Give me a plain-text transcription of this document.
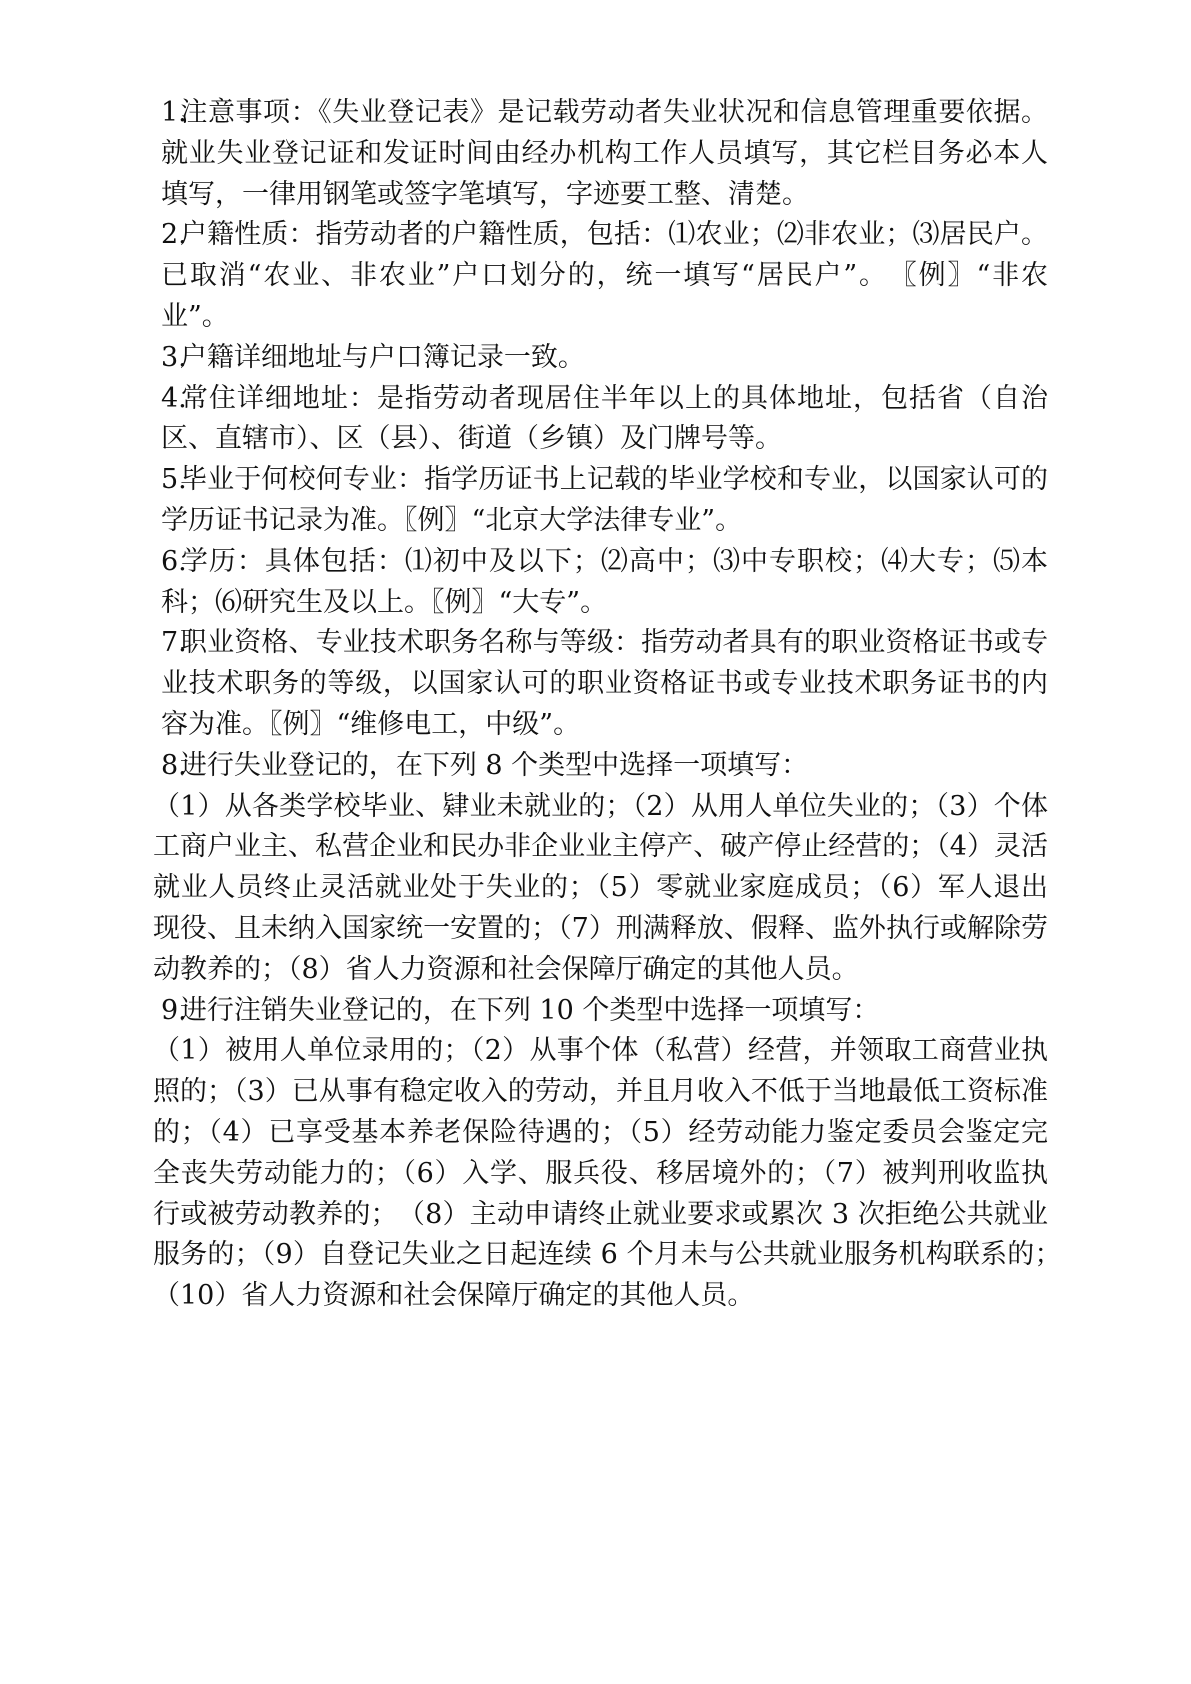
1.注意事项：《失业登记表》是记载劳动者失业状况和信息管理重要依据。就业失业登记证和发证时间由经办机构工作人员填写，其它栏目务必本人填写，一律用钢笔或签字笔填写，字迹要工整、清楚。

2.户籍性质：指劳动者的户籍性质，包括：⑴农业；⑵非农业；⑶居民户。已取消“农业、非农业”户口划分的，统一填写“居民户”。　〖例〗“非农业”。

3.户籍详细地址与户口簿记录一致。

4.常住详细地址：是指劳动者现居住半年以上的具体地址，包括省（自治区、直辖市）、区（县）、街道（乡镇）及门牌号等。

5.毕业于何校何专业：指学历证书上记载的毕业学校和专业，以国家认可的学历证书记录为准。〖例〗“北京大学法律专业”。

6.学历：具体包括：⑴初中及以下；⑵高中；⑶中专职校；⑷大专；⑸本科；⑹研究生及以上。〖例〗“大专”。

7.职业资格、专业技术职务名称与等级：指劳动者具有的职业资格证书或专业技术职务的等级，以国家认可的职业资格证书或专业技术职务证书的内容为准。〖例〗“维修电工，中级”。

8.进行失业登记的，在下列 8 个类型中选择一项填写：

（1）从各类学校毕业、肄业未就业的；（2）从用人单位失业的；（3）个体工商户业主、私营企业和民办非企业业主停产、破产停止经营的；（4）灵活就业人员终止灵活就业处于失业的；（5）零就业家庭成员；（6）军人退出现役、且未纳入国家统一安置的；（7）刑满释放、假释、监外执行或解除劳动教养的；（8）省人力资源和社会保障厅确定的其他人员。

9.进行注销失业登记的，在下列 10 个类型中选择一项填写：

（1）被用人单位录用的；（2）从事个体（私营）经营，并领取工商营业执照的；（3）已从事有稳定收入的劳动，并且月收入不低于当地最低工资标准的；（4）已享受基本养老保险待遇的；（5）经劳动能力鉴定委员会鉴定完全丧失劳动能力的；（6）入学、服兵役、移居境外的；（7）被判刑收监执行或被劳动教养的；　（8）主动申请终止就业要求或累次 3 次拒绝公共就业服务的；（9）自登记失业之日起连续 6 个月未与公共就业服务机构联系的；　（10）省人力资源和社会保障厅确定的其他人员。
